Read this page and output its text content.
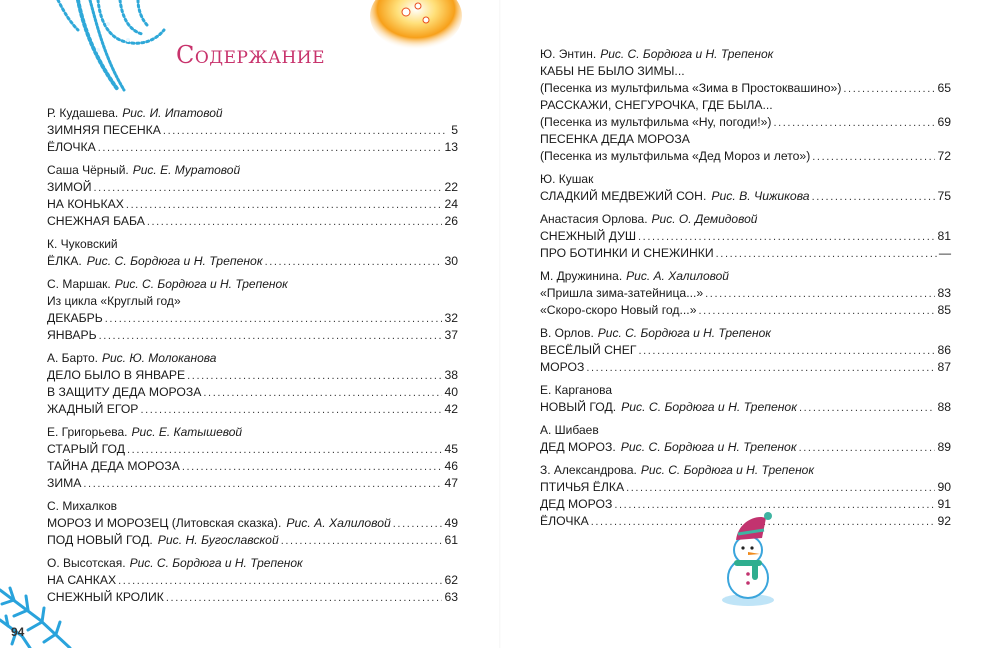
Содержание
Р. Кудашева. Рис. И. Ипатовой
ЗИМНЯЯ ПЕСЕНКА .....	5
ЁЛОЧКА .....	13
Саша Чёрный. Рис. Е. Муратовой
ЗИМОЙ .....	22
НА КОНЬКАХ .....	24
СНЕЖНАЯ БАБА .....	26
К. Чуковский
ЁЛКА. Рис. С. Бордюга и Н. Трепенок .....	30
С. Маршак. Рис. С. Бордюга и Н. Трепенок
Из цикла «Круглый год»
ДЕКАБРЬ .....	32
ЯНВАРЬ .....	37
А. Барто. Рис. Ю. Молоканова
ДЕЛО БЫЛО В ЯНВАРЕ .....	38
В ЗАЩИТУ ДЕДА МОРОЗА .....	40
ЖАДНЫЙ ЕГОР .....	42
Е. Григорьева. Рис. Е. Катышевой
СТАРЫЙ ГОД .....	45
ТАЙНА ДЕДА МОРОЗА .....	46
ЗИМА .....	47
С. Михалков
МОРОЗ И МОРОЗЕЦ (Литовская сказка). Рис. А. Халиловой .....	49
ПОД НОВЫЙ ГОД. Рис. Н. Бугославской .....	61
О. Высотская. Рис. С. Бордюга и Н. Трепенок
НА САНКАХ .....	62
СНЕЖНЫЙ КРОЛИК .....	63
94
Ю. Энтин. Рис. С. Бордюга и Н. Трепенок
КАБЫ НЕ БЫЛО ЗИМЫ...
(Песенка из мультфильма «Зима в Простоквашино») .....	65
РАССКАЖИ, СНЕГУРОЧКА, ГДЕ БЫЛА...
(Песенка из мультфильма «Ну, погоди!») .....	69
ПЕСЕНКА ДЕДА МОРОЗА
(Песенка из мультфильма «Дед Мороз и лето») .....	72
Ю. Кушак
СЛАДКИЙ МЕДВЕЖИЙ СОН. Рис. В. Чижикова .....	75
Анастасия Орлова. Рис. О. Демидовой
СНЕЖНЫЙ ДУШ .....	81
ПРО БОТИНКИ И СНЕЖИНКИ .....	—
М. Дружинина. Рис. А. Халиловой
«Пришла зима-затейница...» .....	83
«Скоро-скоро Новый год...» .....	85
В. Орлов. Рис. С. Бордюга и Н. Трепенок
ВЕСЁЛЫЙ СНЕГ .....	86
МОРОЗ .....	87
Е. Карганова
НОВЫЙ ГОД. Рис. С. Бордюга и Н. Трепенок .....	88
А. Шибаев
ДЕД МОРОЗ. Рис. С. Бордюга и Н. Трепенок .....	89
З. Александрова. Рис. С. Бордюга и Н. Трепенок
ПТИЧЬЯ ЁЛКА .....	90
ДЕД МОРОЗ .....	91
ЁЛОЧКА .....	92
